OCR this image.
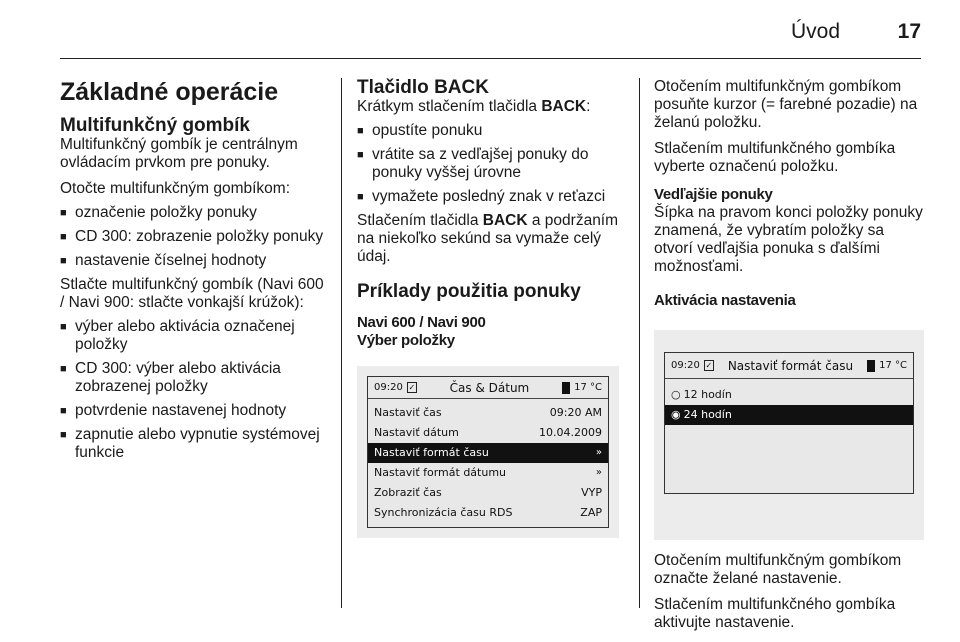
Úvod	17
Základné operácie
Multifunkčný gombík

Multifunkčný gombík je centrálnym ovládacím prvkom pre ponuky.

Otočte multifunkčným gombíkom:

■ označenie položky ponuky
■ CD 300: zobrazenie položky ponuky
■ nastavenie číselnej hodnoty

Stlačte multifunkčný gombík (Navi 600 / Navi 900: stlačte vonkajší krúžok):

■ výber alebo aktivácia označenej položky
■ CD 300: výber alebo aktivácia zobrazenej položky
■ potvrdenie nastavenej hodnoty
■ zapnutie alebo vypnutie systémovej funkcie
Tlačidlo BACK

Krátkym stlačením tlačidla BACK:

■ opustíte ponuku
■ vrátite sa z vedľajšej ponuky do ponuky vyššej úrovne
■ vymažete posledný znak v reťazci

Stlačením tlačidla BACK a podržaním na niekoľko sekúnd sa vymaže celý údaj.

Príklady použitia ponuky
Navi 600 / Navi 900
Výber položky
09:20 ✓	Čas & Dátum	17 °C
Nastaviť čas	09:20 AM
Nastaviť dátum	10.04.2009
Nastaviť formát času	»
Nastaviť formát dátumu	»
Zobraziť čas	VYP
Synchronizácia času RDS	ZAP

Otočením multifunkčným gombíkom posuňte kurzor (= farebné pozadie) na želanú položku.

Stlačením multifunkčného gombíka vyberte označenú položku.

Vedľajšie ponuky

Šípka na pravom konci položky ponuky znamená, že vybratím položky sa otvorí vedľajšia ponuka s ďalšími možnosťami.

Aktivácia nastavenia
09:20 ✓	Nastaviť formát času	17 °C
○ 12 hodín
◉ 24 hodín

Otočením multifunkčným gombíkom označte želané nastavenie.

Stlačením multifunkčného gombíka aktivujte nastavenie.
